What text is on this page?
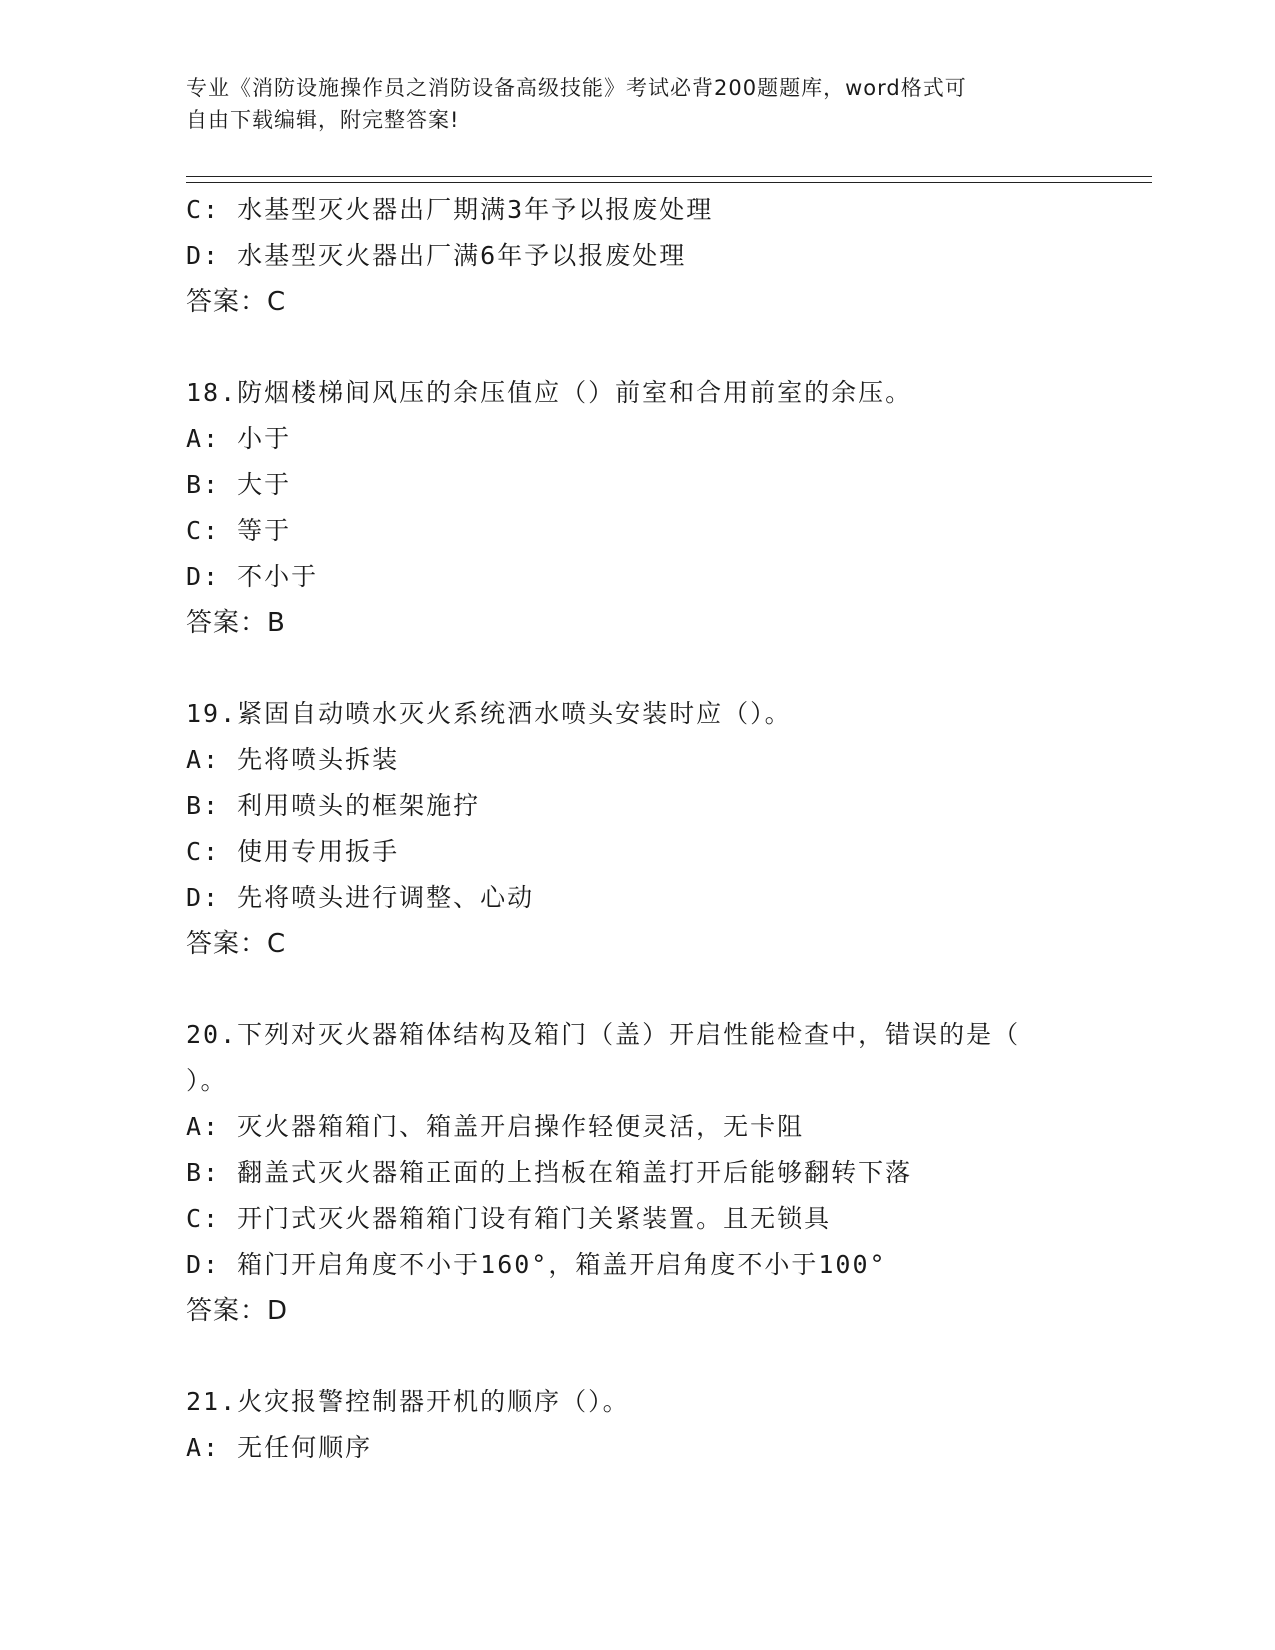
专业《消防设施操作员之消防设备高级技能》考试必背200题题库，word格式可
自由下载编辑，附完整答案!
C: 水基型灭火器出厂期满3年予以报废处理
D: 水基型灭火器出厂满6年予以报废处理
答案：C
18.防烟楼梯间风压的余压值应（）前室和合用前室的余压。
A: 小于
B: 大于
C: 等于
D: 不小于
答案：B
19.紧固自动喷水灭火系统洒水喷头安装时应（）。
A: 先将喷头拆装
B: 利用喷头的框架施拧
C: 使用专用扳手
D: 先将喷头进行调整、心动
答案：C
20.下列对灭火器箱体结构及箱门（盖）开启性能检查中，错误的是（
）。
A: 灭火器箱箱门、箱盖开启操作轻便灵活，无卡阻
B: 翻盖式灭火器箱正面的上挡板在箱盖打开后能够翻转下落
C: 开门式灭火器箱箱门设有箱门关紧装置。且无锁具
D: 箱门开启角度不小于160°，箱盖开启角度不小于100°
答案：D
21.火灾报警控制器开机的顺序（）。
A: 无任何顺序
